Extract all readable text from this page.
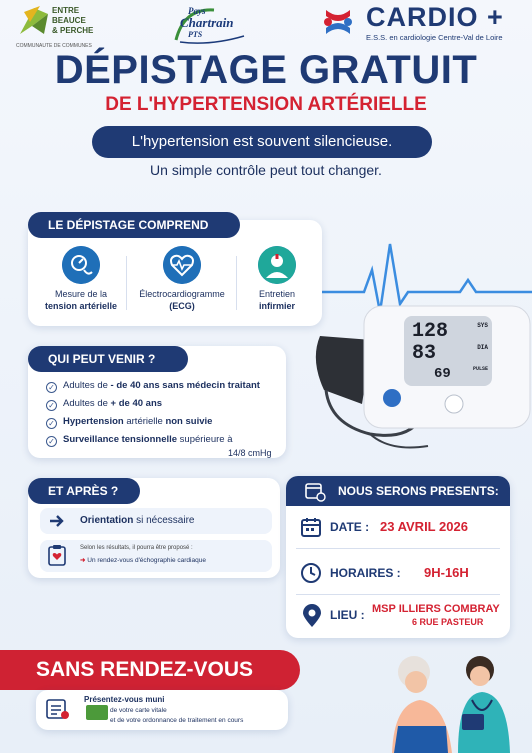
ENTRE
BEAUCE
& PERCHE
COMMUNAUTE DE COMMUNES
Pays
Chartrain
PTS
CARDIO +
E.S.S. en cardiologie Centre-Val de Loire
DÉPISTAGE GRATUIT
DE L'HYPERTENSION ARTÉRIELLE
L'hypertension est souvent silencieuse.
Un simple contrôle peut tout changer.
128	SYS
83	DIA
69	PULSE
LE DÉPISTAGE COMPREND
Mesure de la
tension artérielle
Électrocardiogramme
(ECG)
Entretien
infirmier
QUI PEUT VENIR ?
✓ Adultes de - de 40 ans sans médecin traitant
✓ Adultes de + de 40 ans
✓ Hypertension artérielle non suivie
✓ Surveillance tensionnelle supérieure à
14/8 cmHg
ET APRÈS ?
Orientation si nécessaire
Selon les résultats, il pourra être proposé :
➜ Un rendez-vous d'échographie cardiaque
NOUS SERONS PRESENTS:
DATE : 23 AVRIL 2026
HORAIRES : 9H-16H
LIEU : MSP ILLIERS COMBRAY
6 RUE PASTEUR
SANS RENDEZ-VOUS
Présentez-vous muni
de votre carte vitale
et de votre ordonnance de traitement en cours
